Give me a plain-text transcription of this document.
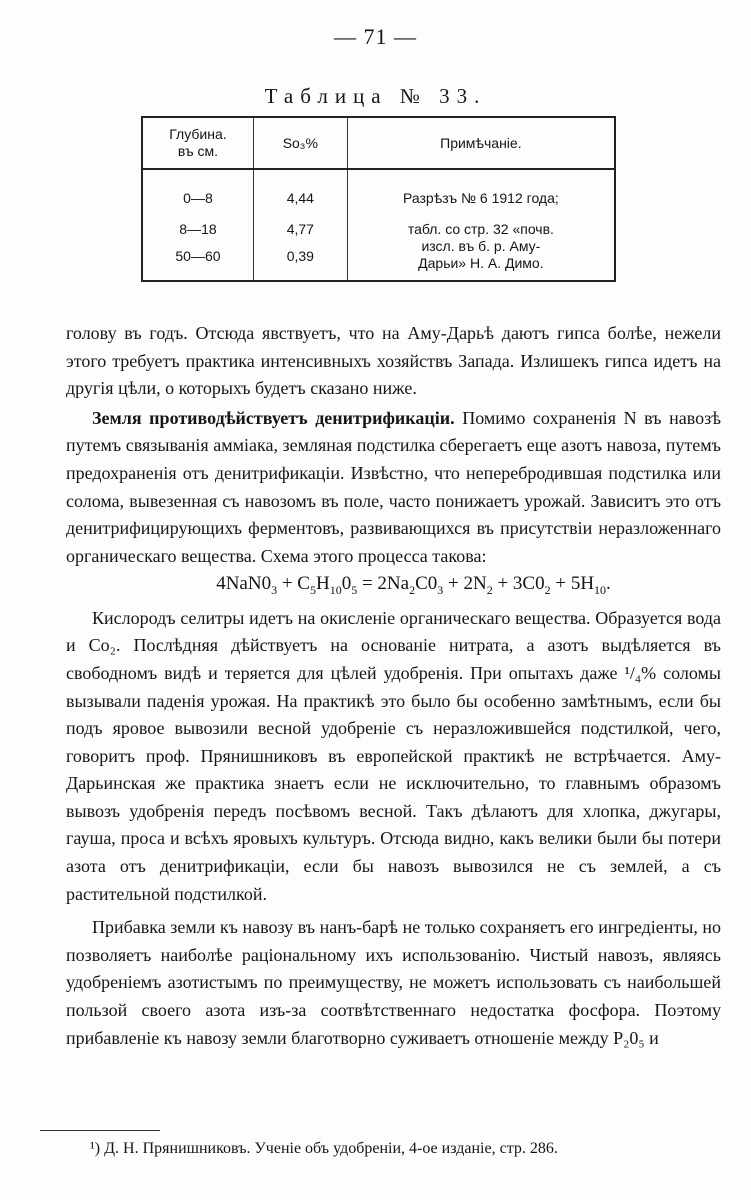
— 71 —
Таблица № 33.
Глубина.
въ см.	So₃%	Примѣчаніе.
0—8	4,44	Разрѣзъ № 6 1912 года;
8—18	4,77	табл. со стр. 32 «почв.
изсл. въ б. р. Аму-
Дарьи» Н. А. Димо.
50—60	0,39	

голову въ годъ. Отсюда явствуетъ, что на Аму-Дарьѣ даютъ гипса болѣе, нежели этого требуетъ практика интенсивныхъ хозяйствъ Запада. Излишекъ гипса идетъ на другія цѣли, о которыхъ будетъ сказано ниже.

Земля противодѣйствуетъ денитрификаціи. Помимо сохраненія N въ навозѣ путемъ связыванія амміака, земляная подстилка сберегаетъ еще азотъ навоза, путемъ предохраненія отъ денитрификаціи. Извѣстно, что неперебродившая подстилка или солома, вывезенная съ навозомъ въ поле, часто понижаетъ урожай. Зависитъ это отъ денитрифицирующихъ ферментовъ, развивающихся въ присутствіи неразложеннаго органическаго вещества. Схема этого процесса такова:

$4NaN0_3 + C_5H_{10}0_5 = 2Na_2C0_3 + 2N_2 + 3C0_2 + 5H_{10}$.

Кислородъ селитры идетъ на окисленіе органическаго вещества. Образуется вода и Co₂. Послѣдняя дѣйствуетъ на основаніе нитрата, а азотъ выдѣляется въ свободномъ видѣ и теряется для цѣлей удобренія. При опытахъ даже ¹/₄% соломы вызывали паденія урожая. На практикѣ это было бы особенно замѣтнымъ, если бы подъ яровое вывозили весной удобреніе съ неразложившейся подстилкой, чего, говоритъ проф. Прянишниковъ въ европейской практикѣ не встрѣчается. Аму-Дарьинская же практика знаетъ если не исключительно, то главнымъ образомъ вывозъ удобренія передъ посѣвомъ весной. Такъ дѣлаютъ для хлопка, джугары, гауша, проса и всѣхъ яровыхъ культуръ. Отсюда видно, какъ велики были бы потери азота отъ денитрификаціи, если бы навозъ вывозился не съ землей, а съ растительной подстилкой.

Прибавка земли къ навозу въ нанъ-барѣ не только сохраняетъ его ингредіенты, но позволяетъ наиболѣе раціональному ихъ использованію. Чистый навозъ, являясь удобреніемъ азотистымъ по преимуществу, не можетъ использовать съ наибольшей пользой своего азота изъ-за соотвѣтственнаго недостатка фосфора. Поэтому прибавленіе къ навозу земли благотворно суживаетъ отношеніе между P₂0₅ и

¹) Д. Н. Прянишниковъ. Ученіе объ удобреніи, 4-ое изданіе, стр. 286.
